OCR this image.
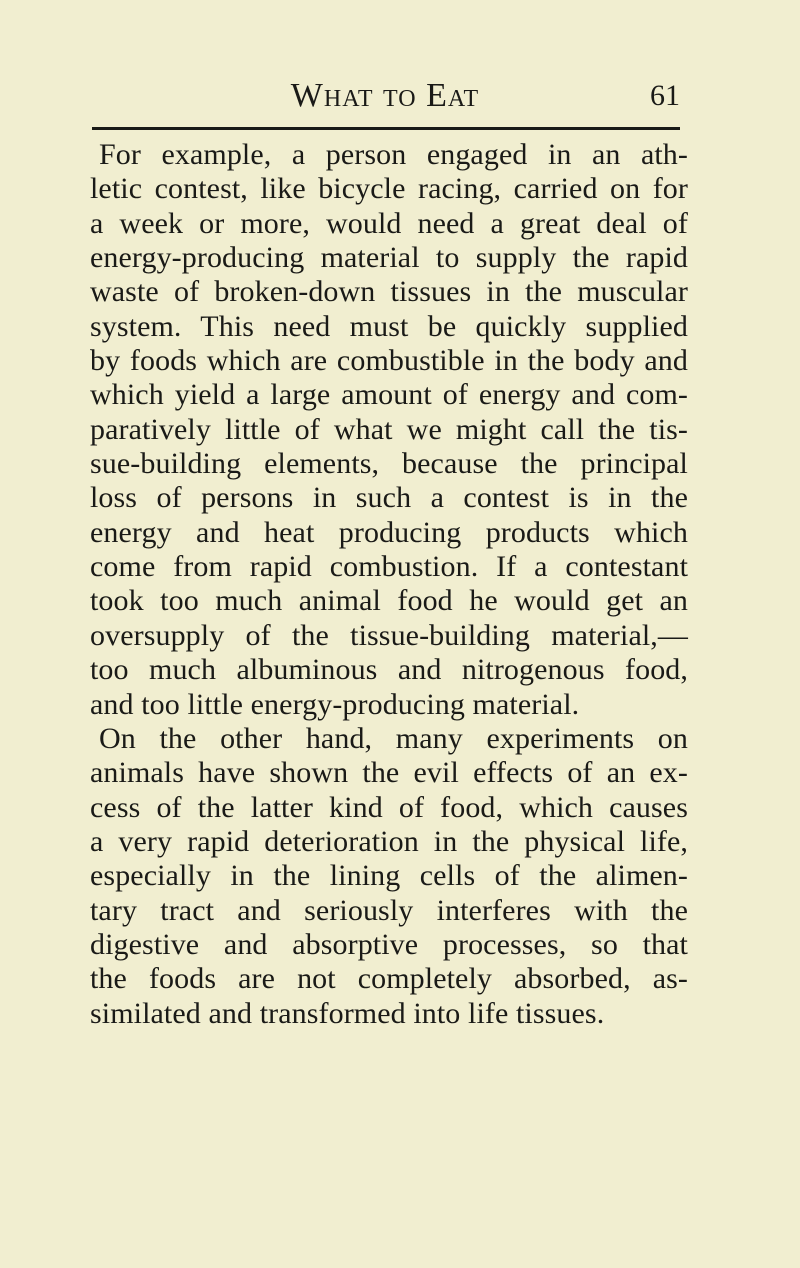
What to Eat	61
For example, a person engaged in an ath-
letic contest, like bicycle racing, carried on for
a week or more, would need a great deal of
energy-producing material to supply the rapid
waste of broken-down tissues in the muscular
system. This need must be quickly supplied
by foods which are combustible in the body and
which yield a large amount of energy and com-
paratively little of what we might call the tis-
sue-building elements, because the principal
loss of persons in such a contest is in the
energy and heat producing products which
come from rapid combustion. If a contestant
took too much animal food he would get an
oversupply of the tissue-building material,—
too much albuminous and nitrogenous food,
and too little energy-producing material.
On the other hand, many experiments on
animals have shown the evil effects of an ex-
cess of the latter kind of food, which causes
a very rapid deterioration in the physical life,
especially in the lining cells of the alimen-
tary tract and seriously interferes with the
digestive and absorptive processes, so that
the foods are not completely absorbed, as-
similated and transformed into life tissues.
